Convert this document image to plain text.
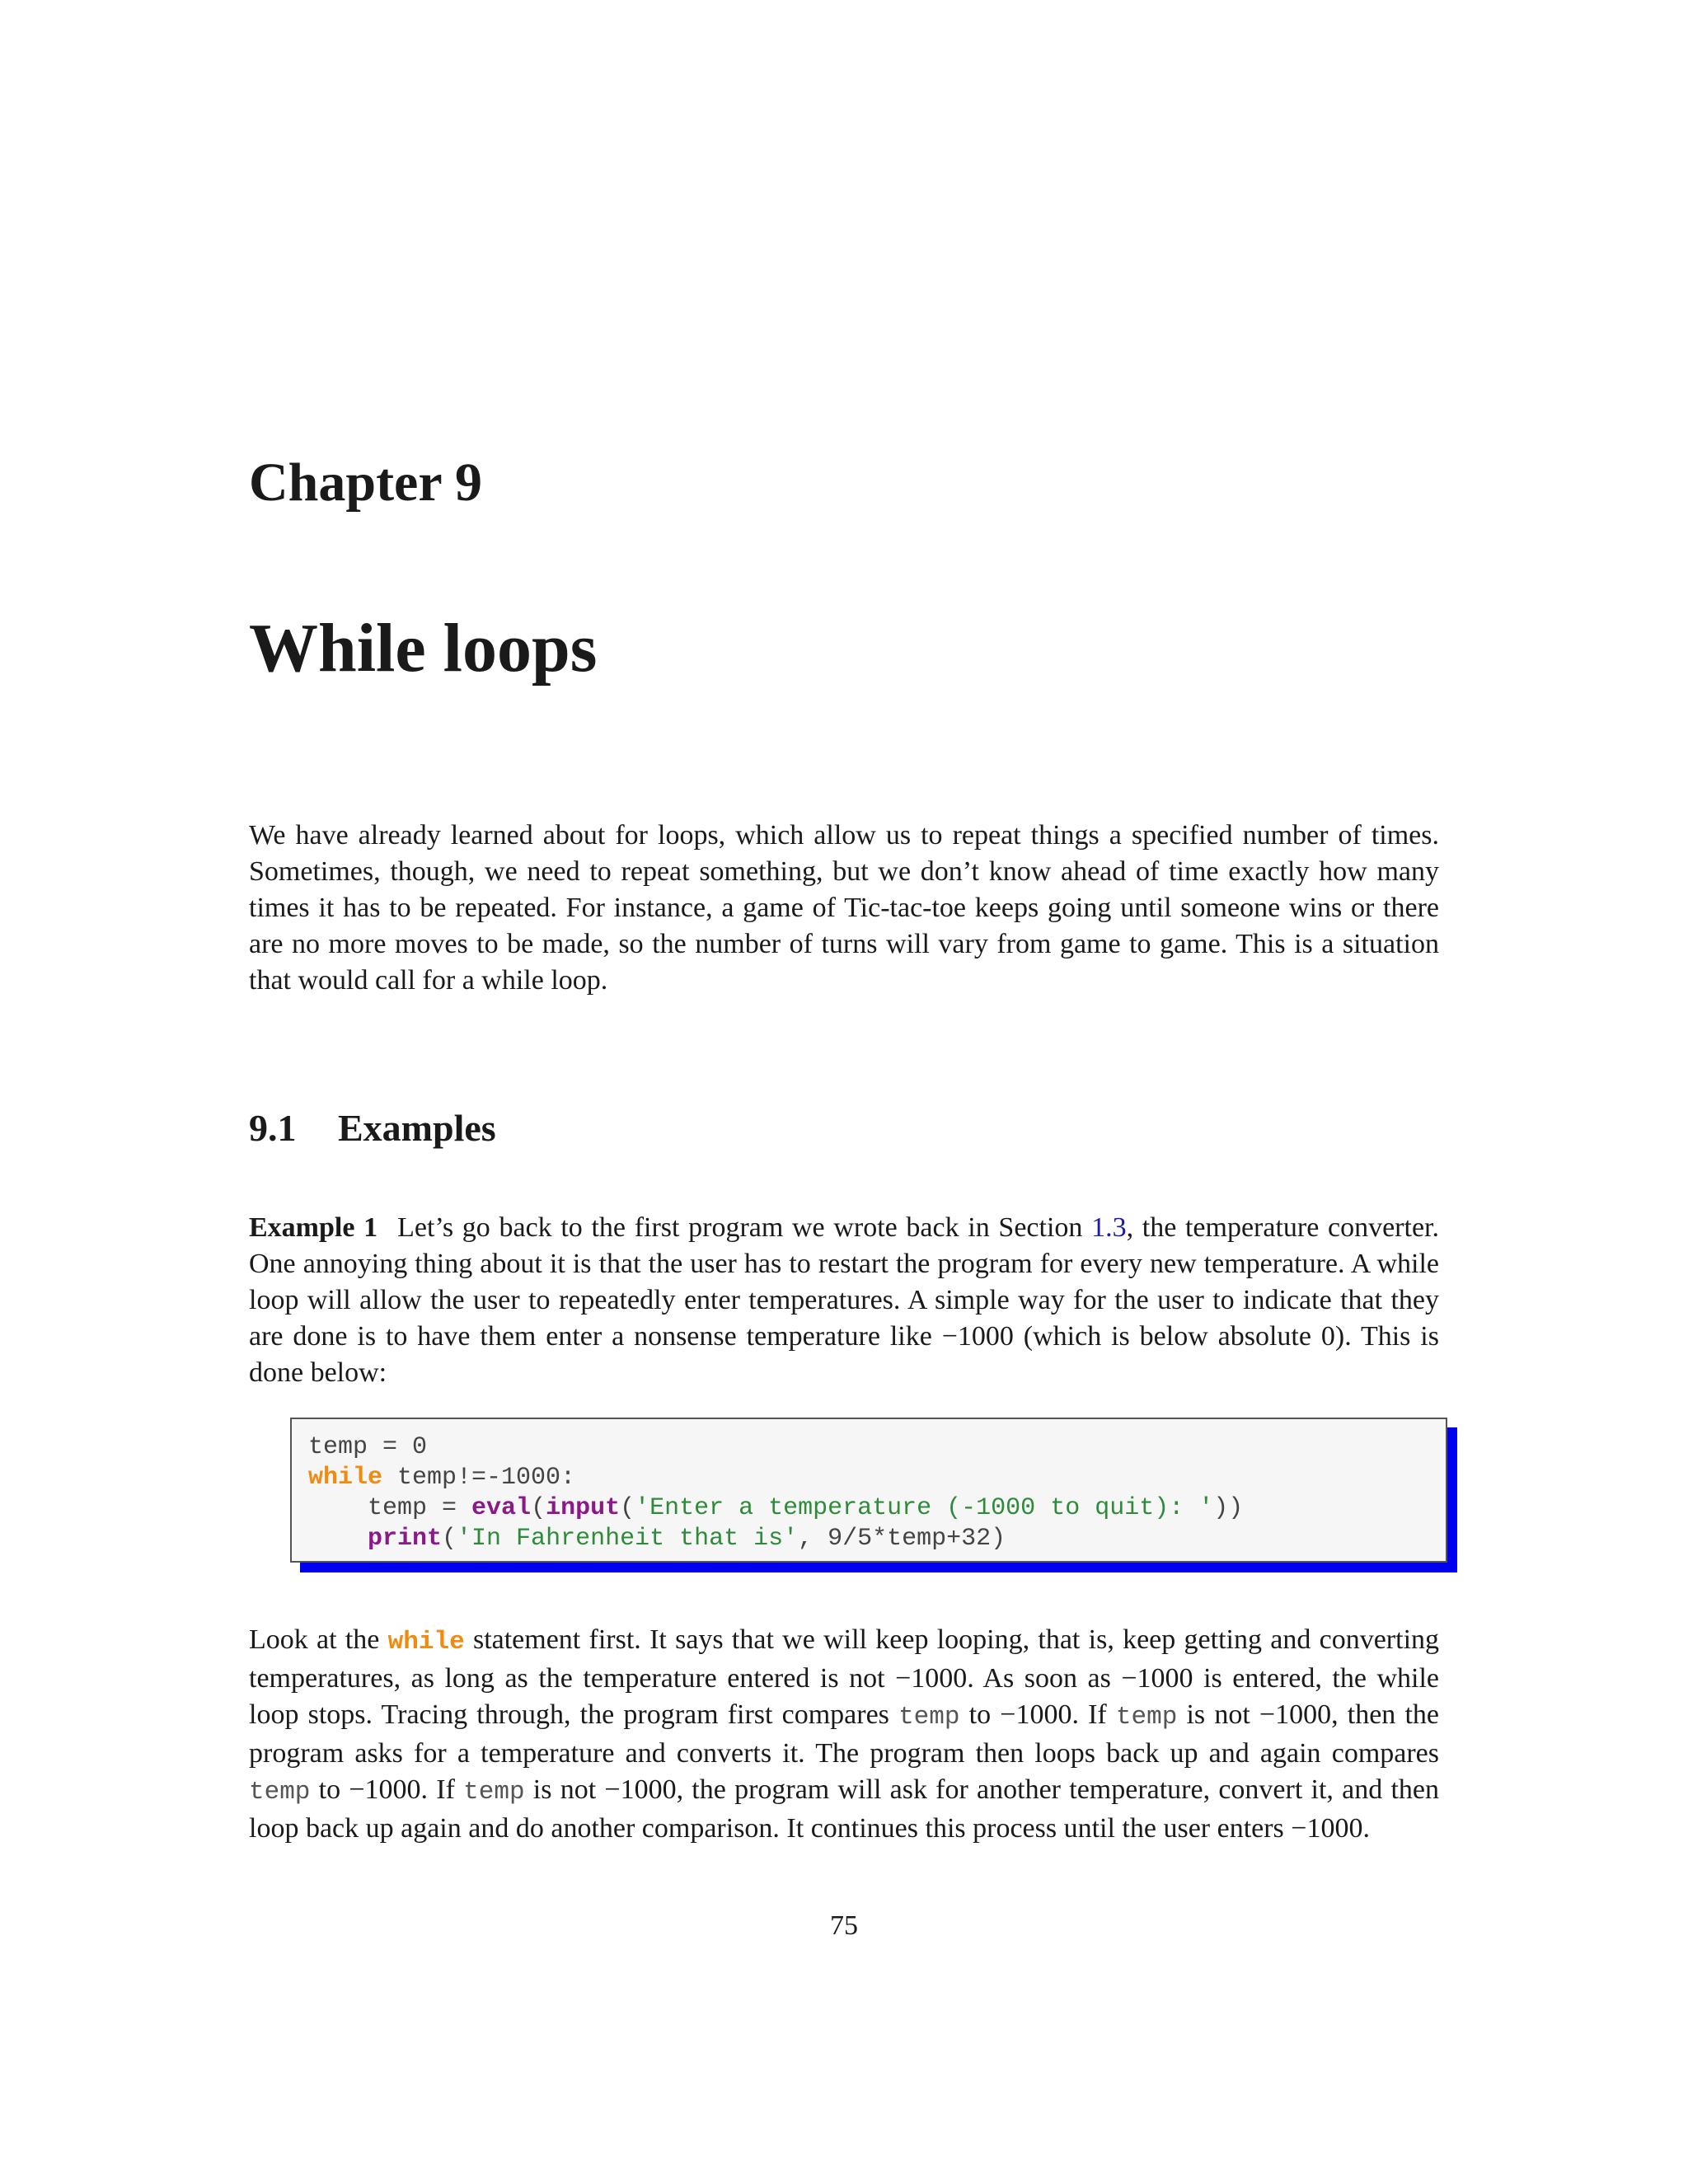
Chapter 9
While loops

We have already learned about for loops, which allow us to repeat things a specified number of times. Sometimes, though, we need to repeat something, but we don’t know ahead of time exactly how many times it has to be repeated. For instance, a game of Tic-tac-toe keeps going until someone wins or there are no more moves to be made, so the number of turns will vary from game to game. This is a situation that would call for a while loop.

9.1 Examples

Example 1 Let’s go back to the first program we wrote back in Section 1.3, the temperature converter. One annoying thing about it is that the user has to restart the program for every new temperature. A while loop will allow the user to repeatedly enter temperatures. A simple way for the user to indicate that they are done is to have them enter a nonsense temperature like −1000 (which is below absolute 0). This is done below:

temp = 0
while temp!=-1000:
temp = eval(input('Enter a temperature (-1000 to quit): '))
print('In Fahrenheit that is', 9/5*temp+32)

Look at the while statement first. It says that we will keep looping, that is, keep getting and converting temperatures, as long as the temperature entered is not −1000. As soon as −1000 is entered, the while loop stops. Tracing through, the program first compares temp to −1000. If temp is not −1000, then the program asks for a temperature and converts it. The program then loops back up and again compares temp to −1000. If temp is not −1000, the program will ask for another temperature, convert it, and then loop back up again and do another comparison. It continues this process until the user enters −1000.

75
